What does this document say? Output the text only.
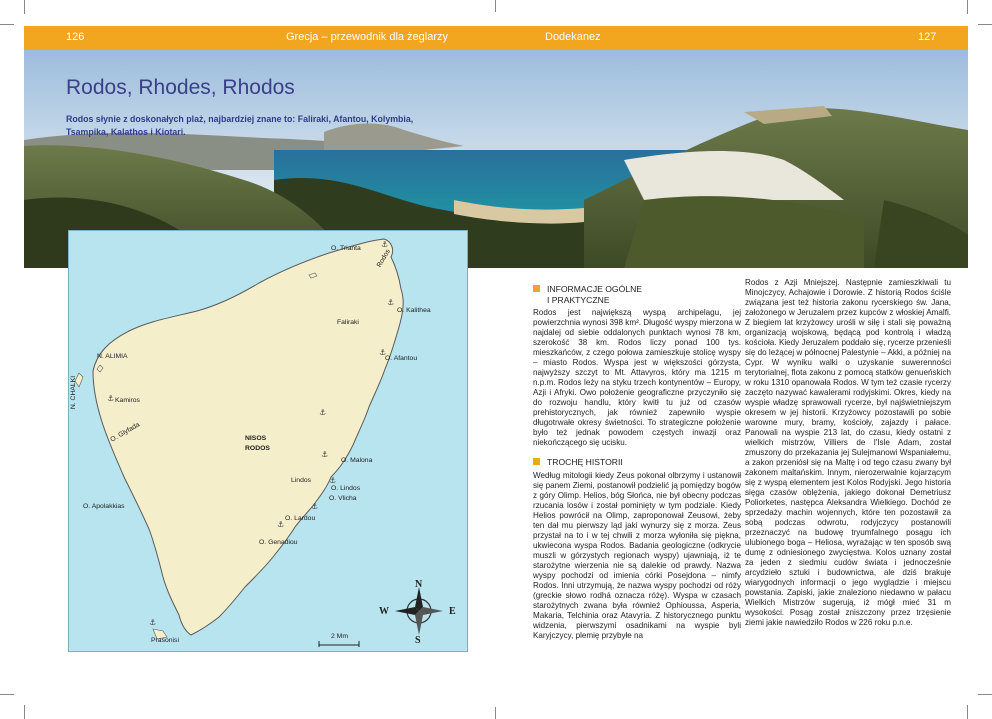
126	Grecja – przewodnik dla żeglarzy	Dodekanez	127
Rodos, Rhodes, Rhodos
Rodos słynie z doskonałych plaż, najbardziej znane to: Faliraki, Afantou, Kolymbia, Tsampika, Kalathos i Kiotari.
⚓
⚓
⚓
⚓
⚓
⚓
⚓
⚓
⚓
⚓
O. Trianta Rodos
O. Kalithea
Faliraki
N. ALIMIA
N. CHALKI
O. Afantou
Kamiros
O. Glyfada	NISOS
RODOS
O. Malona
O. Vlicha
Lindos
O. Lindos
O. Apolakkias
O. Lardou
O. Genadiou
Prasonisi
2 Mm
N
S
E
W
INFORMACJE OGÓLNE
I PRAKTYCZNE

Rodos jest największą wyspą archipelagu, jej powierzchnia wynosi 398 km². Długość wyspy mierzona w najdalej od siebie oddalonych punktach wynosi 78 km, szerokość 38 km. Rodos liczy ponad 100 tys. mieszkańców, z czego połowa zamieszkuje stolicę wyspy – miasto Rodos. Wyspa jest w większości górzysta, najwyższy szczyt to Mt. Attavyros, który ma 1215 m n.p.m. Rodos leży na styku trzech kontynentów – Europy, Azji i Afryki. Owo położenie geograficzne przyczyniło się do rozwoju handlu, który kwitł tu już od czasów prehistorycznych, jak również zapewniło wyspie długotrwałe okresy świetności. To strategiczne położenie było też jednak powodem częstych inwazji oraz niekończącego się ucisku.

TROCHĘ HISTORII

Według mitologii kiedy Zeus pokonał olbrzymy i ustanowił się panem Ziemi, postanowił podzielić ją pomiędzy bogów z góry Olimp. Helios, bóg Słońca, nie był obecny podczas rzucania losów i został pominięty w tym podziale. Kiedy Helios powrócił na Olimp, zaproponował Zeusowi, żeby ten dał mu pierwszy ląd jaki wynurzy się z morza. Zeus przystał na to i w tej chwili z morza wyłoniła się piękna, ukwiecona wyspa Rodos. Badania geologiczne (odkrycie muszli w górzystych regionach wyspy) ujawniają, iż te starożytne wierzenia nie są dalekie od prawdy. Nazwa wyspy pochodzi od imienia córki Posejdona – nimfy Rodos. Inni utrzymują, że nazwa wyspy pochodzi od róży (greckie słowo rodhá oznacza różę). Wyspa w czasach starożytnych zwana była również Ophioussa, Asperia, Makaria, Telchinia oraz Atavyria. Z historycznego punktu widzenia, pierwszymi osadnikami na wyspie byli Karyjczycy, plemię przybyłe na

Rodos z Azji Mniejszej. Następnie zamieszkiwali tu Minojczycy, Achajowie i Dorowie. Z historią Rodos ściśle związana jest też historia zakonu rycerskiego św. Jana, założonego w Jeruzalem przez kupców z włoskiej Amalfi. Z biegiem lat krzyżowcy urośli w siłę i stali się poważną organizacją wojskową, będącą pod kontrolą i władzą kościoła. Kiedy Jeruzalem poddało się, rycerze przenieśli się do leżącej w północnej Palestynie – Akki, a później na Cypr. W wyniku walki o uzyskanie suwerenności terytorialnej, flota zakonu z pomocą statków genueńskich w roku 1310 opanowała Rodos. W tym też czasie rycerzy zaczęto nazywać kawalerami rodyjskimi. Okres, kiedy na wyspie władzę sprawowali rycerze, był najświetniejszym okresem w jej historii. Krzyżowcy pozostawili po sobie warowne mury, bramy, kościoły, zajazdy i pałace. Panowali na wyspie 213 lat, do czasu, kiedy ostatni z wielkich mistrzów, Villiers de l'Isle Adam, został zmuszony do przekazania jej Sulejmanowi Wspaniałemu, a zakon przeniósł się na Maltę i od tego czasu zwany był zakonem maltańskim. Innym, nierozerwalnie kojarzącym się z wyspą elementem jest Kolos Rodyjski. Jego historia sięga czasów oblężenia, jakiego dokonał Demetriusz Poliorketes, następca Aleksandra Wielkiego. Dochód ze sprzedaży machin wojennych, które ten pozostawił za sobą podczas odwrotu, rodyjczycy postanowili przeznaczyć na budowę tryumfalnego posągu ich ulubionego boga – Heliosa, wyrażając w ten sposób swą dumę z odniesionego zwycięstwa. Kolos uznany został za jeden z siedmiu cudów świata i jednocześnie arcydzieło sztuki i budownictwa, ale dziś brakuje wiarygodnych informacji o jego wyglądzie i miejscu powstania. Zapiski, jakie znaleziono niedawno w pałacu Wielkich Mistrzów sugerują, iż mógł mieć 31 m wysokości. Posąg został zniszczony przez trzęsienie ziemi jakie nawiedziło Rodos w 226 roku p.n.e.
